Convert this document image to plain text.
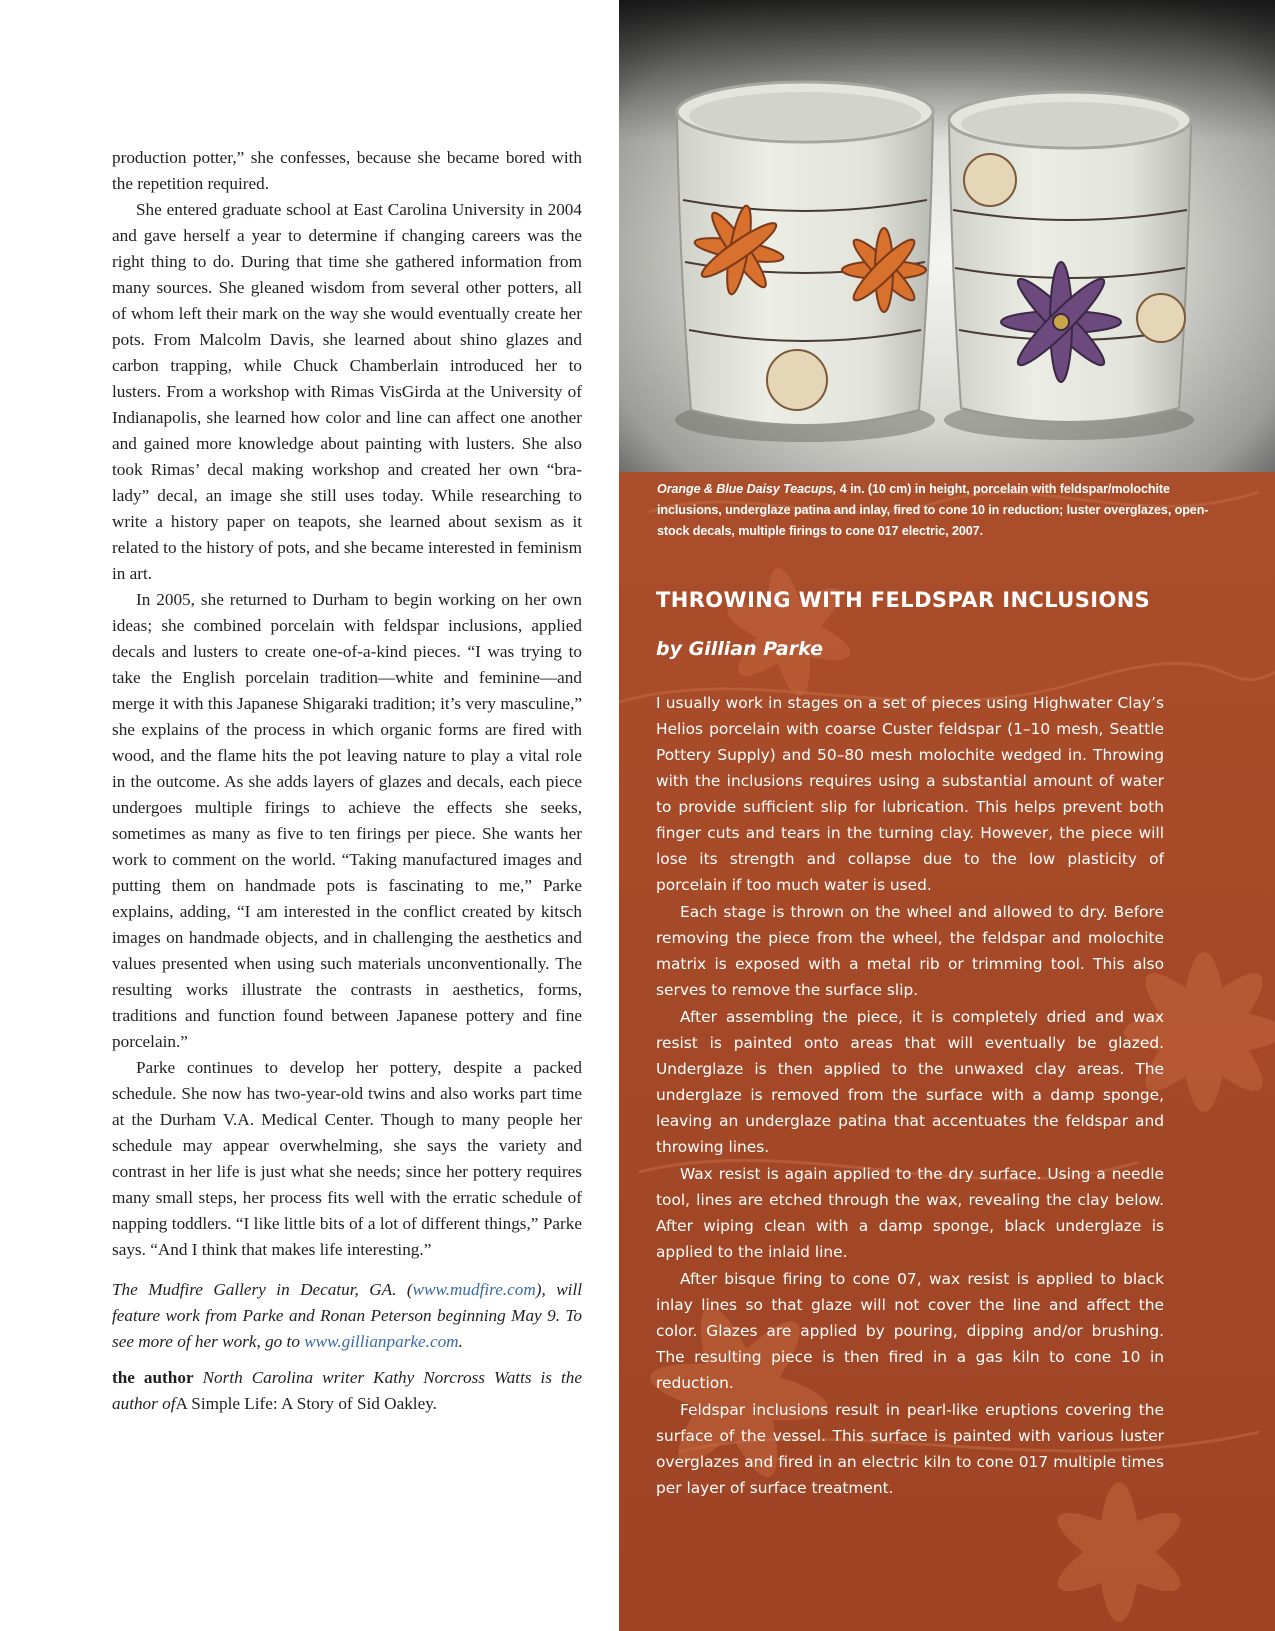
production potter,” she confesses, because she became bored with the repetition required.

She entered graduate school at East Carolina University in 2004 and gave herself a year to determine if changing careers was the right thing to do. During that time she gathered information from many sources. She gleaned wisdom from several other potters, all of whom left their mark on the way she would eventually create her pots. From Malcolm Davis, she learned about shino glazes and carbon trapping, while Chuck Chamberlain introduced her to lusters. From a workshop with Rimas VisGirda at the University of Indianapolis, she learned how color and line can affect one another and gained more knowledge about painting with lusters. She also took Rimas’ decal making workshop and created her own “bra-lady” decal, an image she still uses today. While researching to write a history paper on teapots, she learned about sexism as it related to the history of pots, and she became interested in feminism in art.

In 2005, she returned to Durham to begin working on her own ideas; she combined porcelain with feldspar inclusions, applied decals and lusters to create one-of-a-kind pieces. “I was trying to take the English porcelain tradition—white and feminine—and merge it with this Japanese Shigaraki tradition; it’s very masculine,” she explains of the process in which organic forms are fired with wood, and the flame hits the pot leaving nature to play a vital role in the outcome. As she adds layers of glazes and decals, each piece undergoes multiple firings to achieve the effects she seeks, sometimes as many as five to ten firings per piece. She wants her work to comment on the world. “Taking manufactured images and putting them on handmade pots is fascinating to me,” Parke explains, adding, “I am interested in the conflict created by kitsch images on handmade objects, and in challenging the aesthetics and values presented when using such materials unconventionally. The resulting works illustrate the contrasts in aesthetics, forms, traditions and function found between Japanese pottery and fine porcelain.”

Parke continues to develop her pottery, despite a packed schedule. She now has two-year-old twins and also works part time at the Durham V.A. Medical Center. Though to many people her schedule may appear overwhelming, she says the variety and contrast in her life is just what she needs; since her pottery requires many small steps, her process fits well with the erratic schedule of napping toddlers. “I like little bits of a lot of different things,” Parke says. “And I think that makes life interesting.”

The Mudfire Gallery in Decatur, GA. (www.mudfire.com), will feature work from Parke and Ronan Peterson beginning May 9. To see more of her work, go to www.gillianparke.com.

the author North Carolina writer Kathy Norcross Watts is the author ofA Simple Life: A Story of Sid Oakley.

Orange & Blue Daisy Teacups, 4 in. (10 cm) in height, porcelain with feldspar/molochite inclusions, underglaze patina and inlay, fired to cone 10 in reduction; luster overglazes, open-stock decals, multiple firings to cone 017 electric, 2007.
THROWING WITH FELDSPAR INCLUSIONS
by Gillian Parke

I usually work in stages on a set of pieces using Highwater Clay’s Helios porcelain with coarse Custer feldspar (1–10 mesh, Seattle Pottery Supply) and 50–80 mesh molochite wedged in. Throwing with the inclusions requires using a substantial amount of water to provide sufficient slip for lubrication. This helps prevent both finger cuts and tears in the turning clay. However, the piece will lose its strength and collapse due to the low plasticity of porcelain if too much water is used.

Each stage is thrown on the wheel and allowed to dry. Before removing the piece from the wheel, the feldspar and molochite matrix is exposed with a metal rib or trimming tool. This also serves to remove the surface slip.

After assembling the piece, it is completely dried and wax resist is painted onto areas that will eventually be glazed. Underglaze is then applied to the unwaxed clay areas. The underglaze is removed from the surface with a damp sponge, leaving an underglaze patina that accentuates the feldspar and throwing lines.

Wax resist is again applied to the dry surface. Using a needle tool, lines are etched through the wax, revealing the clay below. After wiping clean with a damp sponge, black underglaze is applied to the inlaid line.

After bisque firing to cone 07, wax resist is applied to black inlay lines so that glaze will not cover the line and affect the color. Glazes are applied by pouring, dipping and/or brushing. The resulting piece is then fired in a gas kiln to cone 10 in reduction.

Feldspar inclusions result in pearl-like eruptions covering the surface of the vessel. This surface is painted with various luster overglazes and fired in an electric kiln to cone 017 multiple times per layer of surface treatment.
